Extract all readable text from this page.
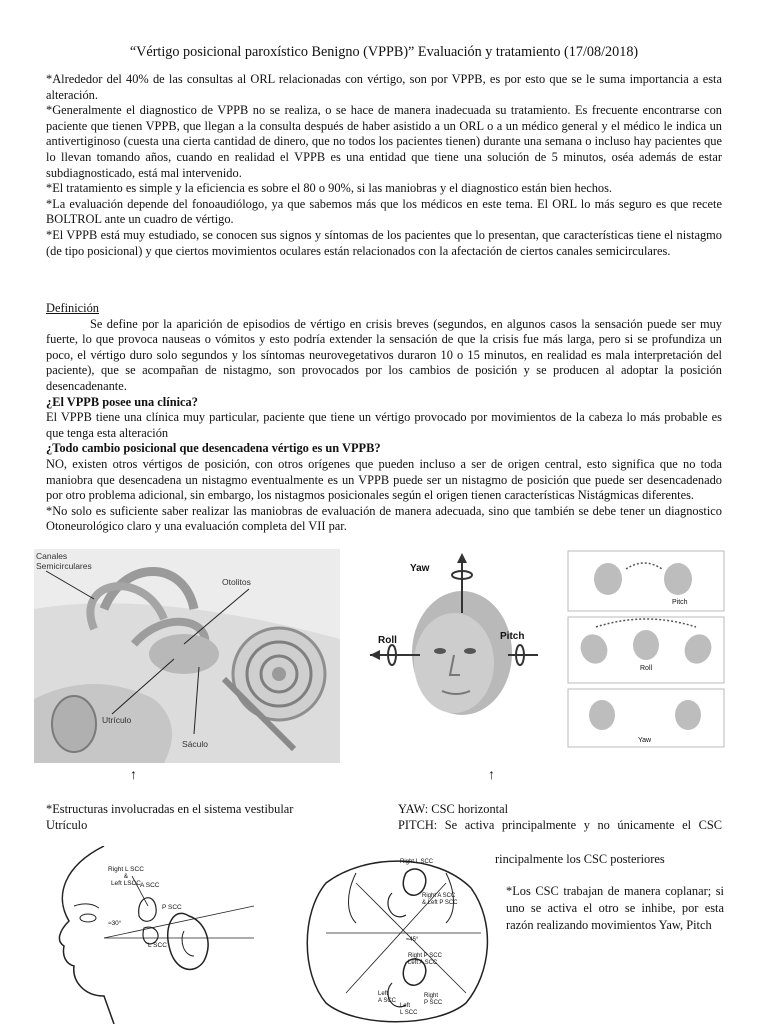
“Vértigo posicional paroxístico Benigno (VPPB)” Evaluación y tratamiento (17/08/2018)

*Alrededor del 40% de las consultas al ORL relacionadas con vértigo, son por VPPB, es por esto que se le suma importancia a esta alteración.

*Generalmente el diagnostico de VPPB no se realiza, o se hace de manera inadecuada su tratamiento. Es frecuente encontrarse con paciente que tienen VPPB, que llegan a la consulta después de haber asistido a un ORL o a un médico general y el médico le indica un antivertiginoso (cuesta una cierta cantidad de dinero, que no todos los pacientes tienen) durante una semana o incluso hay pacientes que lo llevan tomando años, cuando en realidad el VPPB es una entidad que tiene una solución de 5 minutos, oséa además de estar subdiagnosticado, está mal intervenido.

*El tratamiento es simple y la eficiencia es sobre el 80 o 90%, si las maniobras y el diagnostico están bien hechos.

*La evaluación depende del fonoaudiólogo, ya que sabemos más que los médicos en este tema. El ORL lo más seguro es que recete BOLTROL ante un cuadro de vértigo.

*El VPPB está muy estudiado, se conocen sus signos y síntomas de los pacientes que lo presentan, que características tiene el nistagmo (de tipo posicional) y que ciertos movimientos oculares están relacionados con la afectación de ciertos canales semicirculares.

Definición

Se define por la aparición de episodios de vértigo en crisis breves (segundos, en algunos casos la sensación puede ser muy fuerte, lo que provoca nauseas o vómitos y esto podría extender la sensación de que la crisis fue más larga, pero si se profundiza un poco, el vértigo duro solo segundos y los síntomas neurovegetativos duraron 10 o 15 minutos, en realidad es mala interpretación del paciente), que se acompañan de nistagmo, son provocados por los cambios de posición y se producen al adoptar la posición desencadenante.

¿El VPPB posee una clínica?

El VPPB tiene una clínica muy particular, paciente que tiene un vértigo provocado por movimientos de la cabeza lo más probable es que tenga esta alteración

¿Todo cambio posicional que desencadena vértigo es un VPPB?

NO, existen otros vértigos de posición, con otros orígenes que pueden incluso a ser de origen central, esto significa que no toda maniobra que desencadena un nistagmo eventualmente es un VPPB puede ser un nistagmo de posición que puede ser desencadenado por otro problema adicional, sin embargo, los nistagmos posicionales según el origen tienen características Nistágmicas diferentes.

*No solo es suficiente saber realizar las maniobras de evaluación de manera adecuada, sino que también se debe tener un diagnostico Otoneurológico claro y una evaluación completa del VII par.

Canales
Semicirculares
Otolitos
Utrículo
Sáculo
Yaw
Roll	Pitch
Pitch
Roll
Yaw
↑	↑
*Estructuras involucradas en el sistema vestibular
Utrículo
YAW: CSC horizontal
PITCH: Se activa principalmente y no únicamente el CSC
rincipalmente los CSC posteriores
Right L SCC
&
Left LSCC A SCC
P SCC
L SCC
≈30°
Right L SCC
Right A SCC
& Left P SCC
≈45°
Right P SCC
Left A SCC
Left
A SCC
Left
L SCC
Right
P SCC
*Los CSC trabajan de manera coplanar; si uno se activa el otro se inhibe, por esta razón realizando movimientos Yaw, Pitch
